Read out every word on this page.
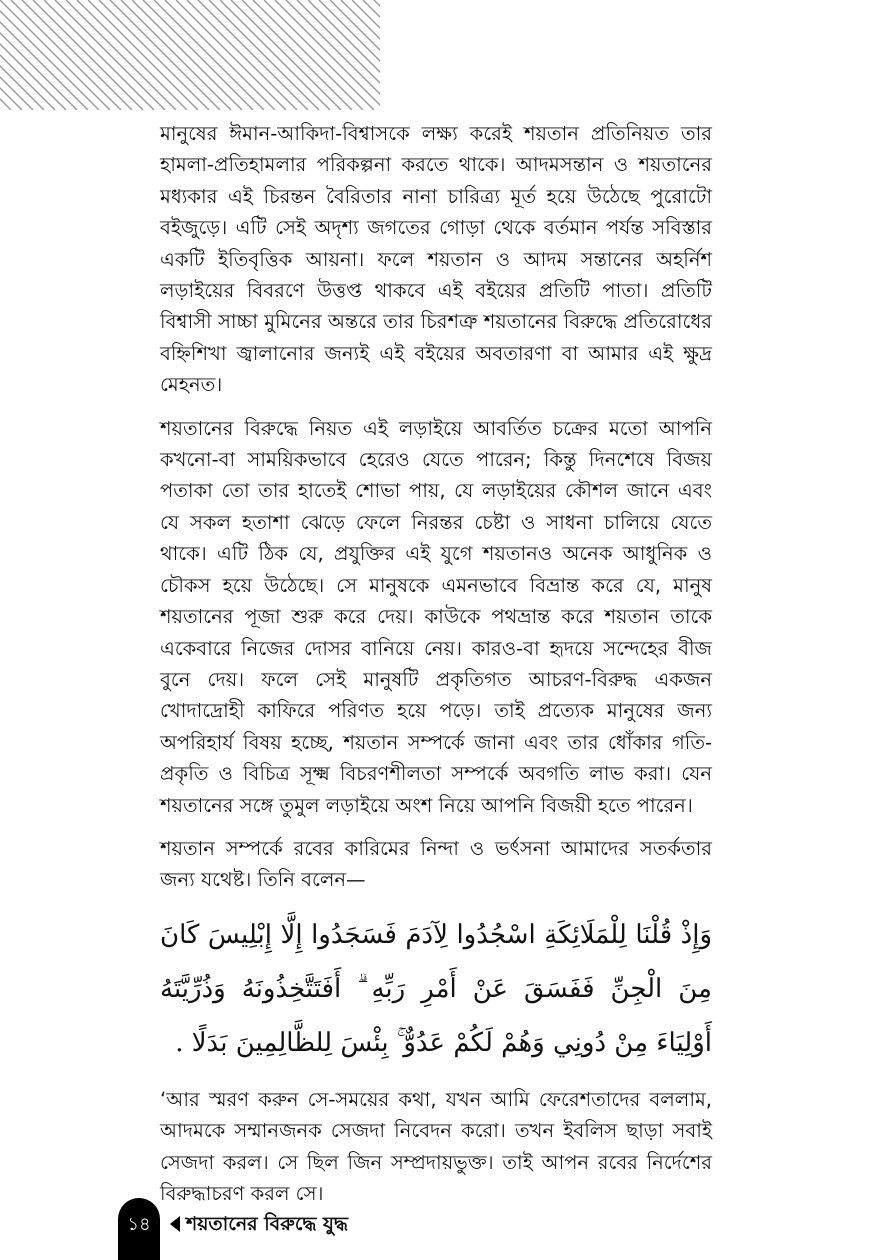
মানুষের ঈমান-আকিদা-বিশ্বাসকে লক্ষ্য করেই শয়তান প্রতিনিয়ত তার হামলা-প্রতিহামলার পরিকল্পনা করতে থাকে। আদমসন্তান ও শয়তানের মধ্যকার এই চিরন্তন বৈরিতার নানা চারিত্র্য মূর্ত হয়ে উঠেছে পুরোটো বইজুড়ে। এটি সেই অদৃশ্য জগতের গোড়া থেকে বর্তমান পর্যন্ত সবিস্তার একটি ইতিবৃত্তিক আয়না। ফলে শয়তান ও আদম সন্তানের অহর্নিশ লড়াইয়ের বিবরণে উত্তপ্ত থাকবে এই বইয়ের প্রতিটি পাতা। প্রতিটি বিশ্বাসী সাচ্চা মুমিনের অন্তরে তার চিরশত্রু শয়তানের বিরুদ্ধে প্রতিরোধের বহ্নিশিখা জ্বালানোর জন্যই এই বইয়ের অবতারণা বা আমার এই ক্ষুদ্র মেহনত।

শয়তানের বিরুদ্ধে নিয়ত এই লড়াইয়ে আবর্তিত চক্রের মতো আপনি কখনো-বা সাময়িকভাবে হেরেও যেতে পারেন; কিন্তু দিনশেষে বিজয় পতাকা তো তার হাতেই শোভা পায়, যে লড়াইয়ের কৌশল জানে এবং যে সকল হতাশা ঝেড়ে ফেলে নিরন্তর চেষ্টা ও সাধনা চালিয়ে যেতে থাকে। এটি ঠিক যে, প্রযুক্তির এই যুগে শয়তানও অনেক আধুনিক ও চৌকস হয়ে উঠেছে। সে মানুষকে এমনভাবে বিভ্রান্ত করে যে, মানুষ শয়তানের পূজা শুরু করে দেয়। কাউকে পথভ্রান্ত করে শয়তান তাকে একেবারে নিজের দোসর বানিয়ে নেয়। কারও-বা হৃদয়ে সন্দেহের বীজ বুনে দেয়। ফলে সেই মানুষটি প্রকৃতিগত আচরণ-বিরুদ্ধ একজন খোদাদ্রোহী কাফিরে পরিণত হয়ে পড়ে। তাই প্রত্যেক মানুষের জন্য অপরিহার্য বিষয় হচ্ছে, শয়তান সম্পর্কে জানা এবং তার ধোঁকার গতি-প্রকৃতি ও বিচিত্র সূক্ষ্ম বিচরণশীলতা সম্পর্কে অবগতি লাভ করা। যেন শয়তানের সঙ্গে তুমুল লড়াইয়ে অংশ নিয়ে আপনি বিজয়ী হতে পারেন।

শয়তান সম্পর্কে রবের কারিমের নিন্দা ও ভর্ৎসনা আমাদের সতর্কতার জন্য যথেষ্ট। তিনি বলেন—

وَإِذْ قُلْنَا لِلْمَلَائِكَةِ اسْجُدُوا لِآدَمَ فَسَجَدُوا إِلَّا إِبْلِيسَ كَانَ مِنَ الْجِنِّ فَفَسَقَ عَنْ أَمْرِ رَبِّهِ ۗ أَفَتَتَّخِذُونَهُ وَذُرِّيَّتَهُ أَوْلِيَاءَ مِنْ دُونِي وَهُمْ لَكُمْ عَدُوٌّ ۚ بِئْسَ لِلظَّالِمِينَ بَدَلًا .

‘আর স্মরণ করুন সে-সময়ের কথা, যখন আমি ফেরেশতাদের বললাম, আদমকে সম্মানজনক সেজদা নিবেদন করো। তখন ইবলিস ছাড়া সবাই সেজদা করল। সে ছিল জিন সম্প্রদায়ভুক্ত। তাই আপন রবের নির্দেশের বিরুদ্ধাচরণ করল সে।

১৪	শয়তানের বিরুদ্ধে যুদ্ধ
